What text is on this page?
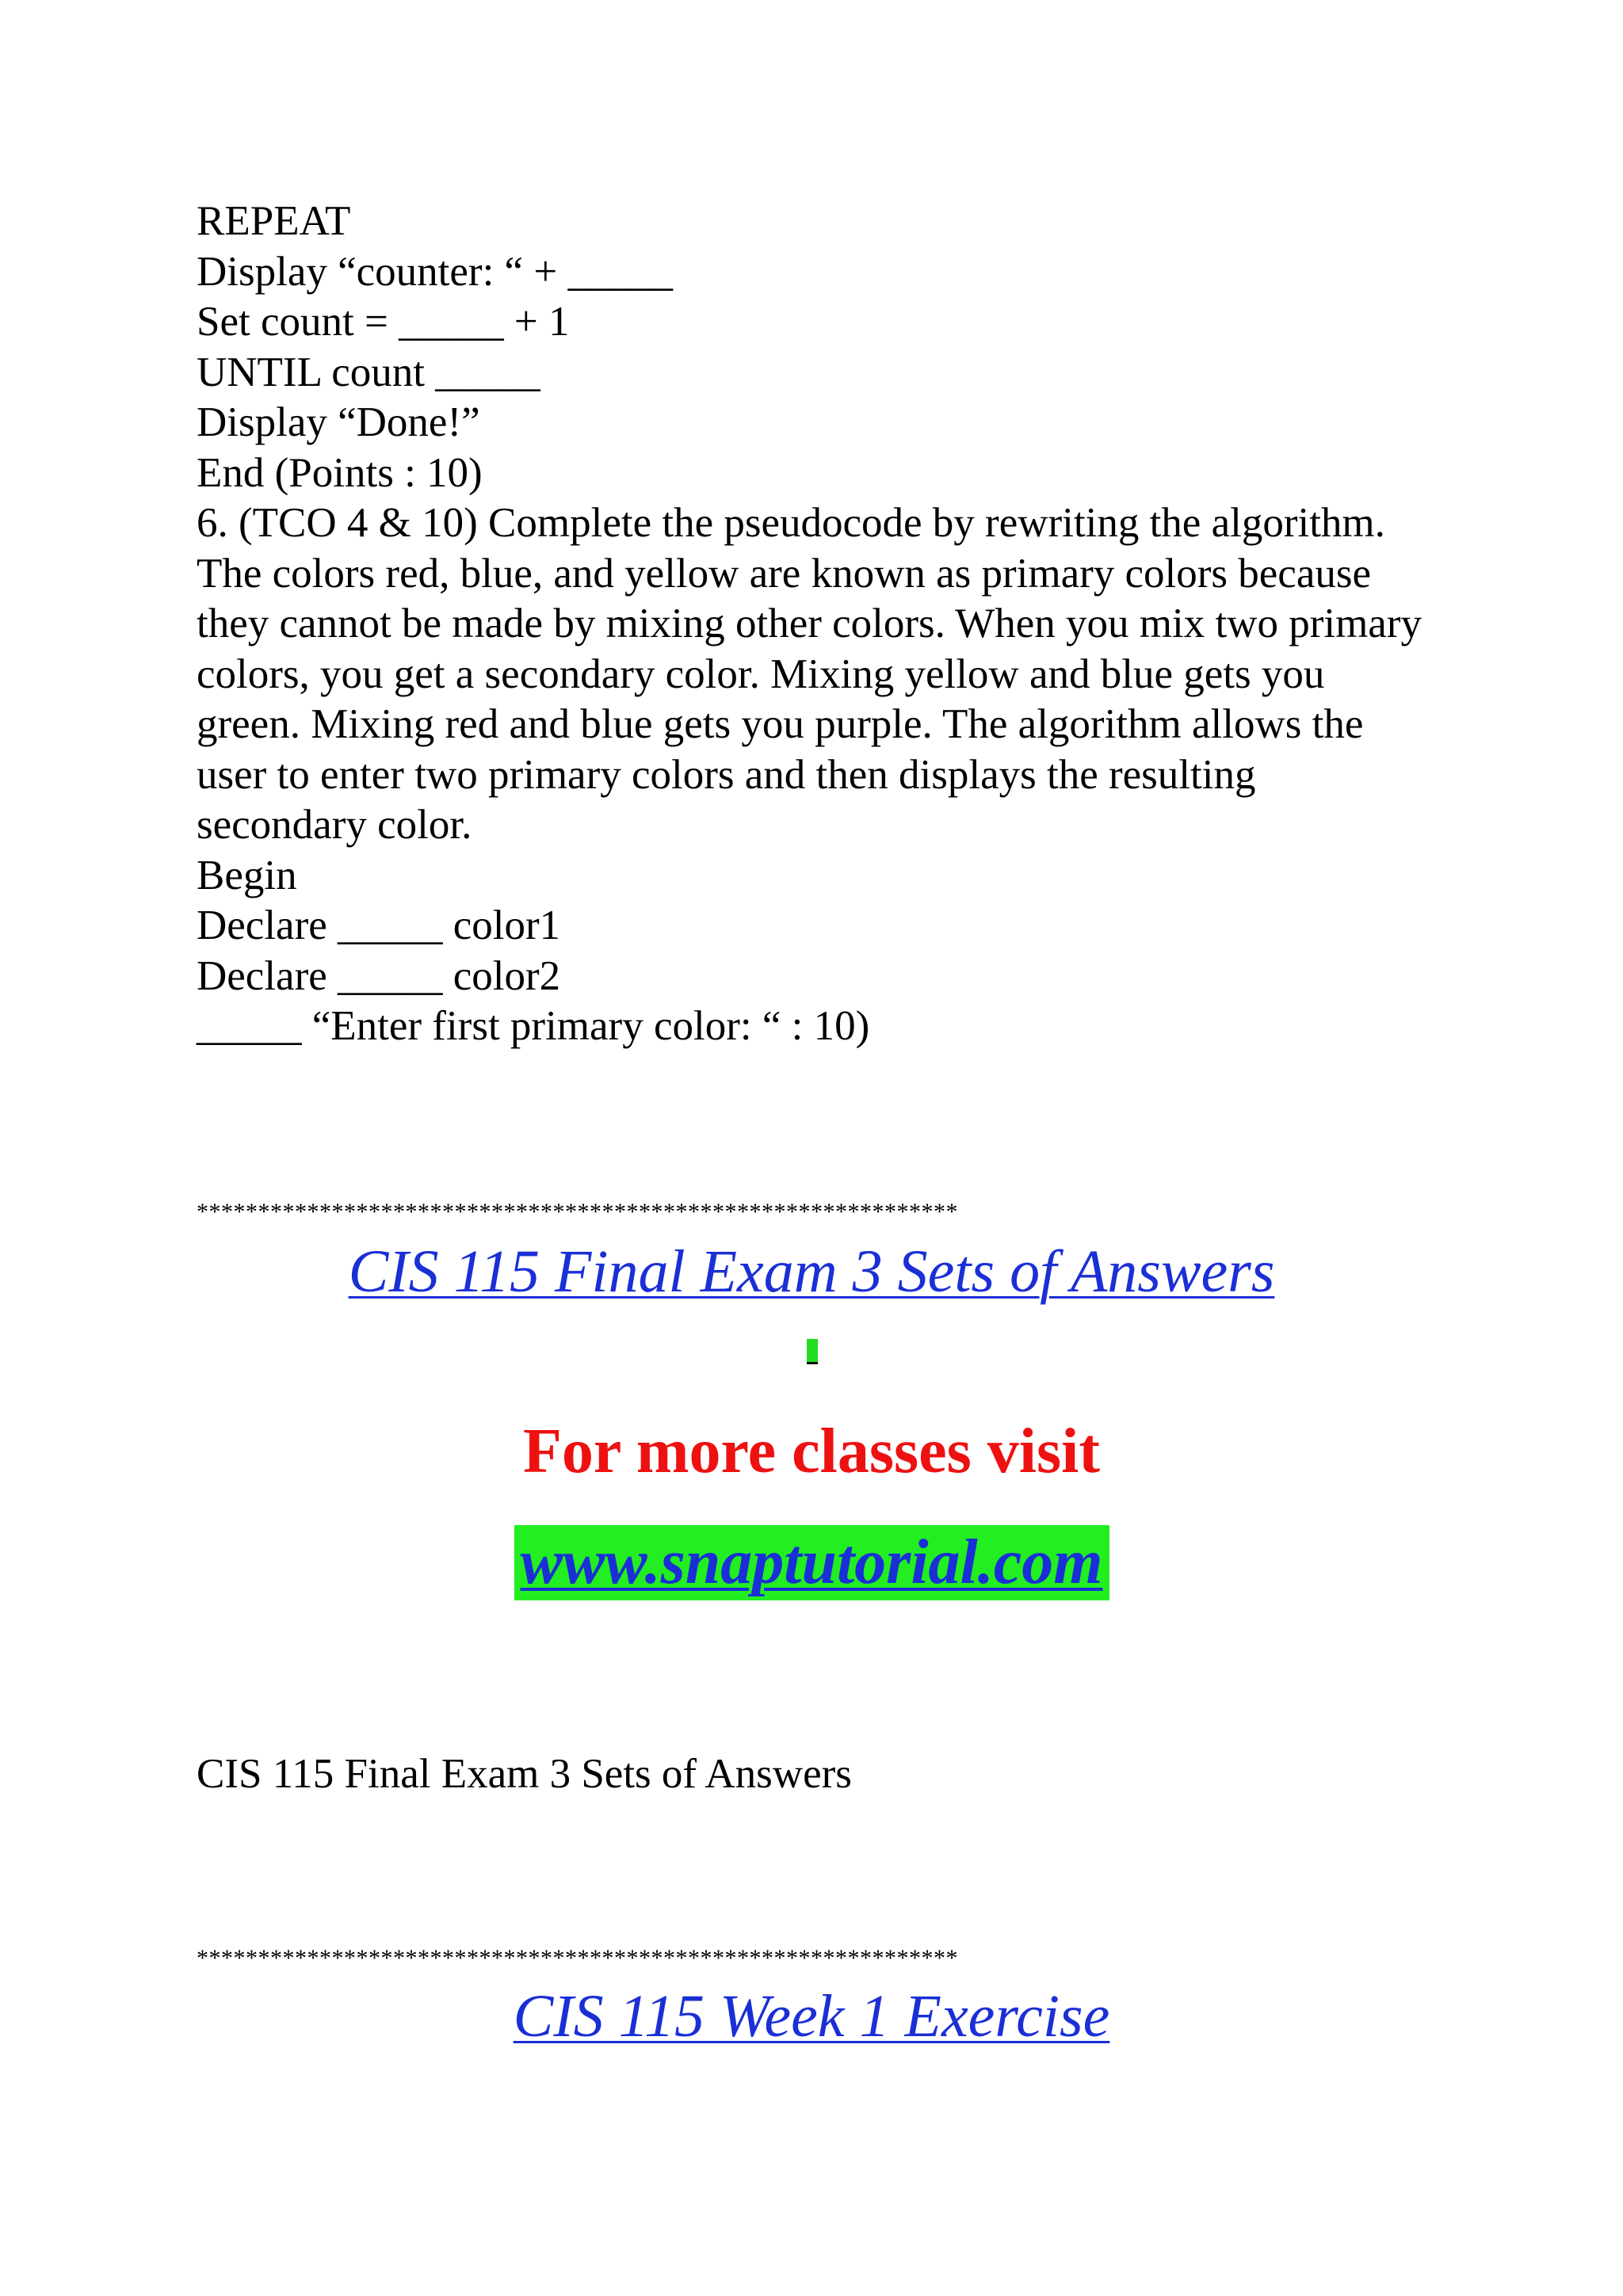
REPEAT
Display “counter: “ + _____
Set count = _____ + 1
UNTIL count _____
Display “Done!”
End (Points : 10)
6. (TCO 4 & 10) Complete the pseudocode by rewriting the algorithm. The colors red, blue, and yellow are known as primary colors because they cannot be made by mixing other colors. When you mix two primary colors, you get a secondary color. Mixing yellow and blue gets you green. Mixing red and blue gets you purple. The algorithm allows the user to enter two primary colors and then displays the resulting secondary color.
Begin
Declare _____ color1
Declare _____ color2
_____ “Enter first primary color: “ : 10)
**************************************************************
CIS 115 Final Exam 3 Sets of Answers
For more classes visit
www.snaptutorial.com
CIS 115 Final Exam 3 Sets of Answers
**************************************************************
CIS 115 Week 1 Exercise
